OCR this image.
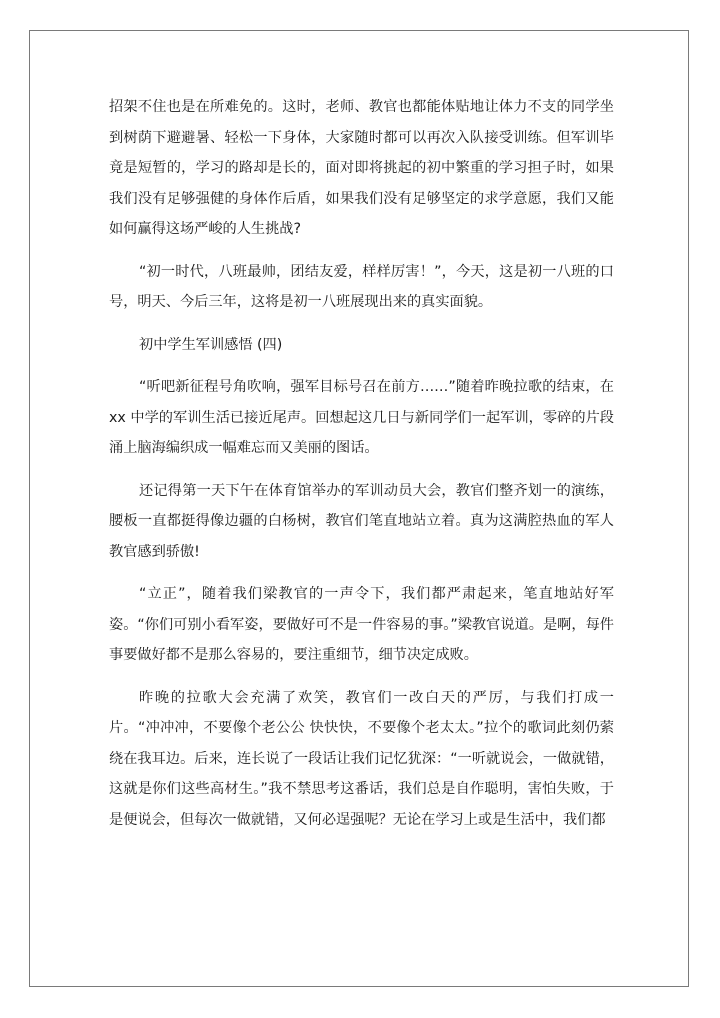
招架不住也是在所难免的。这时，老师、教官也都能体贴地让体力不支的同学坐到树荫下避避暑、轻松一下身体，大家随时都可以再次入队接受训练。但军训毕竟是短暂的，学习的路却是长的，面对即将挑起的初中繁重的学习担子时，如果我们没有足够强健的身体作后盾，如果我们没有足够坚定的求学意愿，我们又能如何赢得这场严峻的人生挑战?

“初一时代，八班最帅，团结友爱，样样厉害！”，今天，这是初一八班的口号，明天、今后三年，这将是初一八班展现出来的真实面貌。

初中学生军训感悟 (四)

“听吧新征程号角吹响，强军目标号召在前方……”随着昨晚拉歌的结束，在 xx 中学的军训生活已接近尾声。回想起这几日与新同学们一起军训，零碎的片段涌上脑海编织成一幅难忘而又美丽的图话。

还记得第一天下午在体育馆举办的军训动员大会，教官们整齐划一的演练，腰板一直都挺得像边疆的白杨树，教官们笔直地站立着。真为这满腔热血的军人教官感到骄傲!

“立正”，随着我们梁教官的一声令下，我们都严肃起来，笔直地站好军姿。“你们可别小看军姿，要做好可不是一件容易的事。”梁教官说道。是啊，每件事要做好都不是那么容易的，要注重细节，细节决定成败。

昨晚的拉歌大会充满了欢笑，教官们一改白天的严厉，与我们打成一片。“冲冲冲，不要像个老公公 快快快，不要像个老太太。”拉个的歌词此刻仍萦绕在我耳边。后来，连长说了一段话让我们记忆犹深：“一听就说会，一做就错，这就是你们这些高材生。”我不禁思考这番话，我们总是自作聪明，害怕失败，于是便说会，但每次一做就错，又何必逞强呢？无论在学习上或是生活中，我们都
